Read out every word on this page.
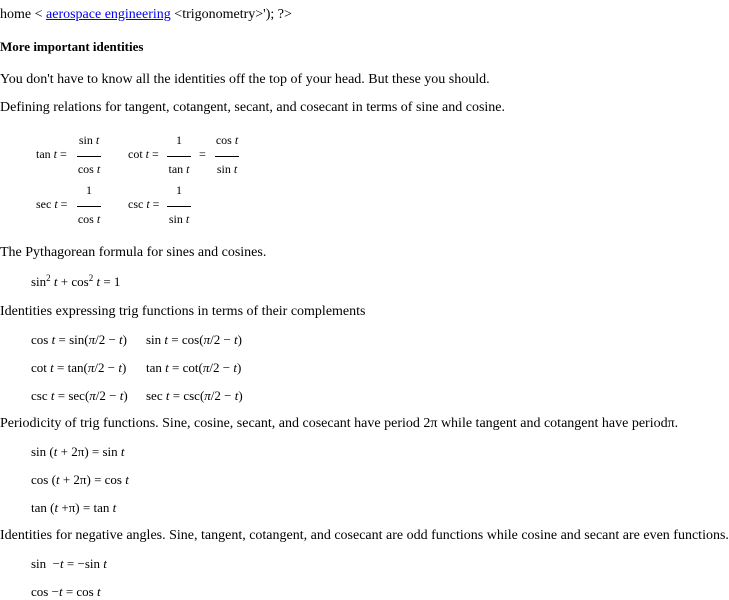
home < aerospace engineering <trigonometry>'); ?>
More important identities
You don't have to know all the identities off the top of your head. But these you should.
Defining relations for tangent, cotangent, secant, and cosecant in terms of sine and cosine.
tan t =
sin t
cos t
cot t =
1
tan t
=
cos t
sin t
sec t =
1
cos t
csc t =
1
sin t
The Pythagorean formula for sines and cosines.
$\sin^2 t + \cos^2 t = 1$
Identities expressing trig functions in terms of their complements
cos t = sin(π/2 − t) sin t = cos(π/2 − t)
cot t = tan(π/2 − t) tan t = cot(π/2 − t)
csc t = sec(π/2 − t) sec t = csc(π/2 − t)
Periodicity of trig functions. Sine, cosine, secant, and cosecant have period 2π while tangent and cotangent have periodπ.
sin (t + 2π) = sin t
cos (t + 2π) = cos t
tan (t +π) = tan t
Identities for negative angles. Sine, tangent, cotangent, and cosecant are odd functions while cosine and secant are even functions.
sin  −t = −sin t
cos −t = cos t
